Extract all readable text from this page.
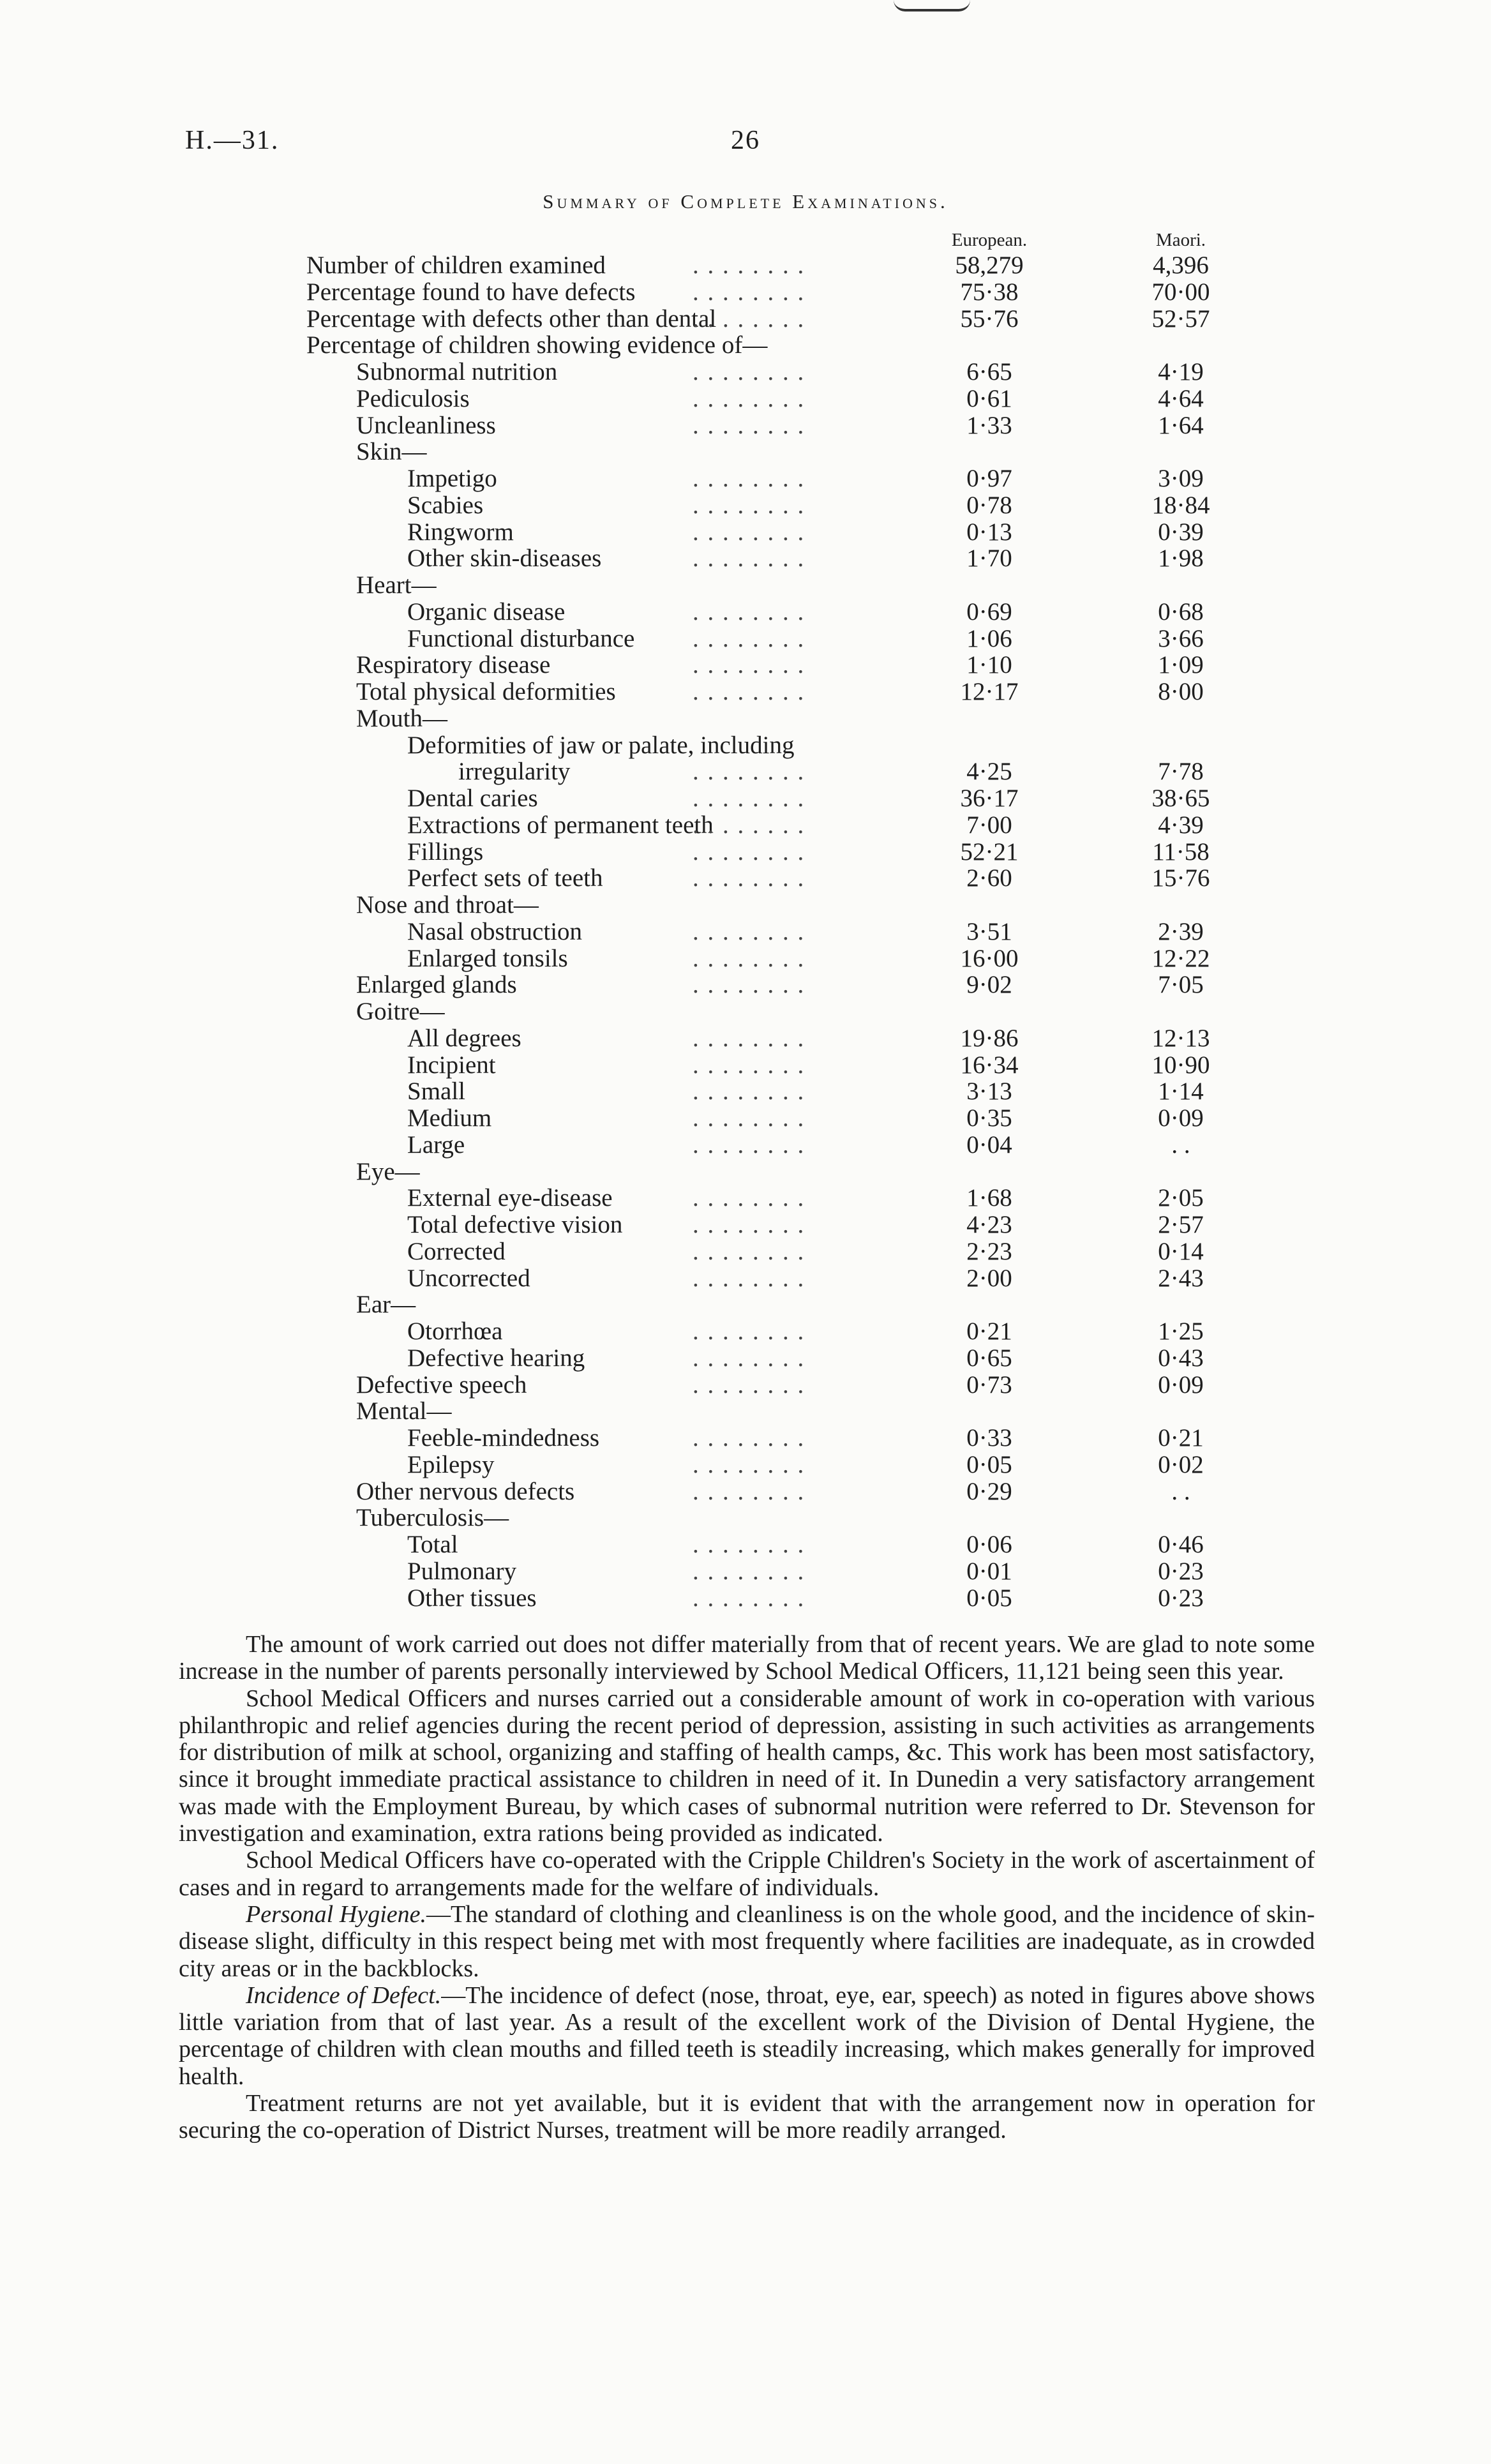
H.—31.	26
Summary of Complete Examinations.
European.	Maori.
Number of children examined	. . . . . . . .	58,279	4,396
Percentage found to have defects . . . . . . . .	75·38	70·00
Percentage with defects other than dental
. . . . . . . .	55·76	52·57
Percentage of children showing evidence of—
Subnormal nutrition	. . . . . . . .	6·65	4·19
Pediculosis	. . . . . . . .	0·61	4·64
Uncleanliness	. . . . . . . .	1·33	1·64
Skin—
Impetigo	. . . . . . . .	0·97	3·09
Scabies	. . . . . . . .	0·78	18·84
Ringworm	. . . . . . . .	0·13	0·39
Other skin-diseases	. . . . . . . .	1·70	1·98
Heart—
Organic disease	. . . . . . . .	0·69	0·68
Functional disturbance . . . . . . . .	1·06	3·66
Respiratory disease	. . . . . . . .	1·10	1·09
Total physical deformities	. . . . . . . .	12·17	8·00
Mouth—
Deformities of jaw or palate, including
irregularity	. . . . . . . .	4·25	7·78
Dental caries	. . . . . . . .	36·17	38·65
Extractions of permanent teeth
. . . . . . . .	7·00	4·39
Fillings	. . . . . . . .	52·21	11·58
Perfect sets of teeth	. . . . . . . .	2·60	15·76
Nose and throat—
Nasal obstruction	. . . . . . . .	3·51	2·39
Enlarged tonsils	. . . . . . . .	16·00	12·22
Enlarged glands	. . . . . . . .	9·02	7·05
Goitre—
All degrees	. . . . . . . .	19·86	12·13
Incipient	. . . . . . . .	16·34	10·90
Small	. . . . . . . .	3·13	1·14
Medium	. . . . . . . .	0·35	0·09
Large	. . . . . . . .	0·04	. .
Eye—
External eye-disease	. . . . . . . .	1·68	2·05
Total defective vision	. . . . . . . .	4·23	2·57
Corrected	. . . . . . . .	2·23	0·14
Uncorrected	. . . . . . . .	2·00	2·43
Ear—
Otorrhœa	. . . . . . . .	0·21	1·25
Defective hearing	. . . . . . . .	0·65	0·43
Defective speech	. . . . . . . .	0·73	0·09
Mental—
Feeble-mindedness	. . . . . . . .	0·33	0·21
Epilepsy	. . . . . . . .	0·05	0·02
Other nervous defects	. . . . . . . .	0·29	. .
Tuberculosis—
Total	. . . . . . . .	0·06	0·46
Pulmonary	. . . . . . . .	0·01	0·23
Other tissues	. . . . . . . .	0·05	0·23

The amount of work carried out does not differ materially from that of recent years. We are glad to note some increase in the number of parents personally interviewed by School Medical Officers, 11,121 being seen this year.

School Medical Officers and nurses carried out a considerable amount of work in co-operation with various philanthropic and relief agencies during the recent period of depression, assisting in such activities as arrangements for distribution of milk at school, organizing and staffing of health camps, &c. This work has been most satisfactory, since it brought immediate practical assistance to children in need of it. In Dunedin a very satisfactory arrangement was made with the Employment Bureau, by which cases of subnormal nutrition were referred to Dr. Stevenson for investigation and examination, extra rations being provided as indicated.

School Medical Officers have co-operated with the Cripple Children's Society in the work of ascertainment of cases and in regard to arrangements made for the welfare of individuals.

Personal Hygiene.—The standard of clothing and cleanliness is on the whole good, and the incidence of skin-disease slight, difficulty in this respect being met with most frequently where facilities are inadequate, as in crowded city areas or in the backblocks.

Incidence of Defect.—The incidence of defect (nose, throat, eye, ear, speech) as noted in figures above shows little variation from that of last year. As a result of the excellent work of the Division of Dental Hygiene, the percentage of children with clean mouths and filled teeth is steadily increasing, which makes generally for improved health.

Treatment returns are not yet available, but it is evident that with the arrangement now in operation for securing the co-operation of District Nurses, treatment will be more readily arranged.
